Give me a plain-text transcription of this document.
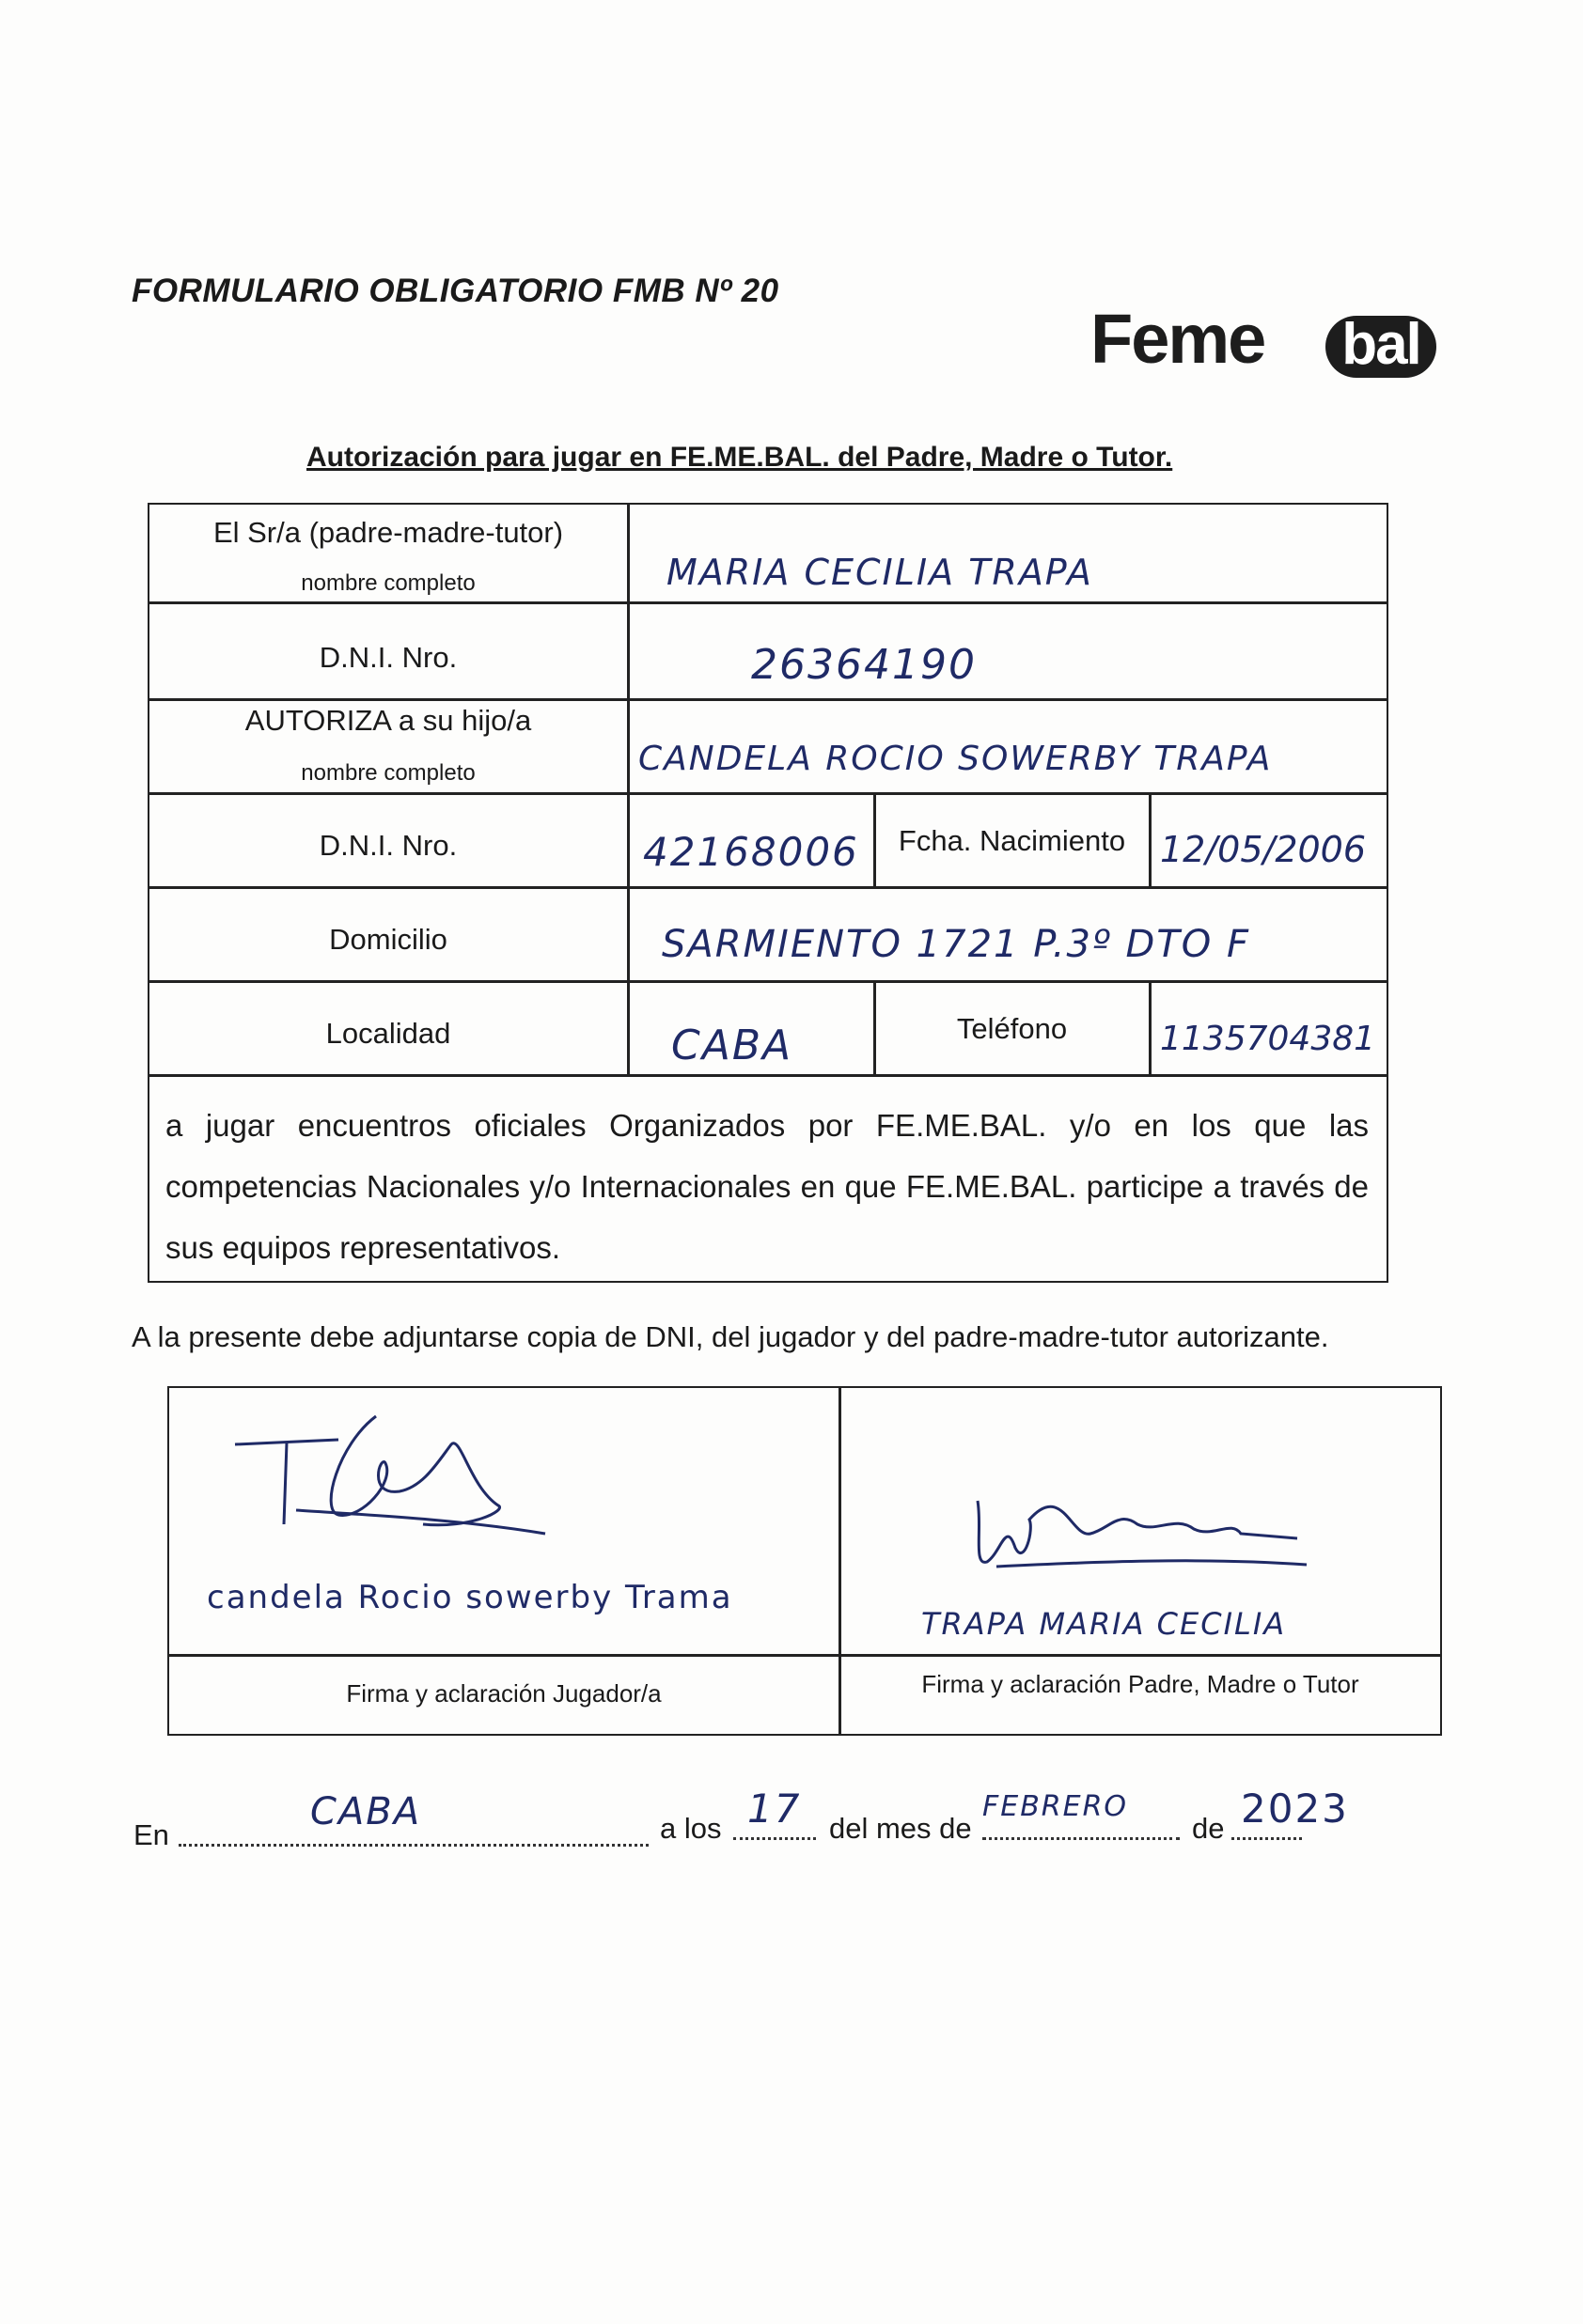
FORMULARIO OBLIGATORIO FMB Nº 20
Feme bal
Autorización para jugar en FE.ME.BAL. del Padre, Madre o Tutor.
El Sr/a (padre-madre-tutor)
nombre completo	MARIA CECILIA TRAPA
D.N.I. Nro.	26364190
AUTORIZA a su hijo/a
nombre completo	CANDELA ROCIO SOWERBY TRAPA
D.N.I. Nro.	42168006	Fcha. Nacimiento 12/05/2006
Domicilio	SARMIENTO 1721 P.3º DTO F
Localidad	CABA	Teléfono	1135704381
a jugar encuentros oficiales Organizados por FE.ME.BAL. y/o en los que las competencias Nacionales y/o Internacionales en que FE.ME.BAL. participe a través de sus equipos representativos.
A la presente debe adjuntarse copia de DNI, del jugador y del padre-madre-tutor autorizante.
candela Rocio sowerby Trama
Firma y aclaración Jugador/a
TRAPA MARIA CECILIA
Firma y aclaración Padre, Madre o Tutor
En
CABA	a los 17 del mes de
FEBRERO
de 2023
